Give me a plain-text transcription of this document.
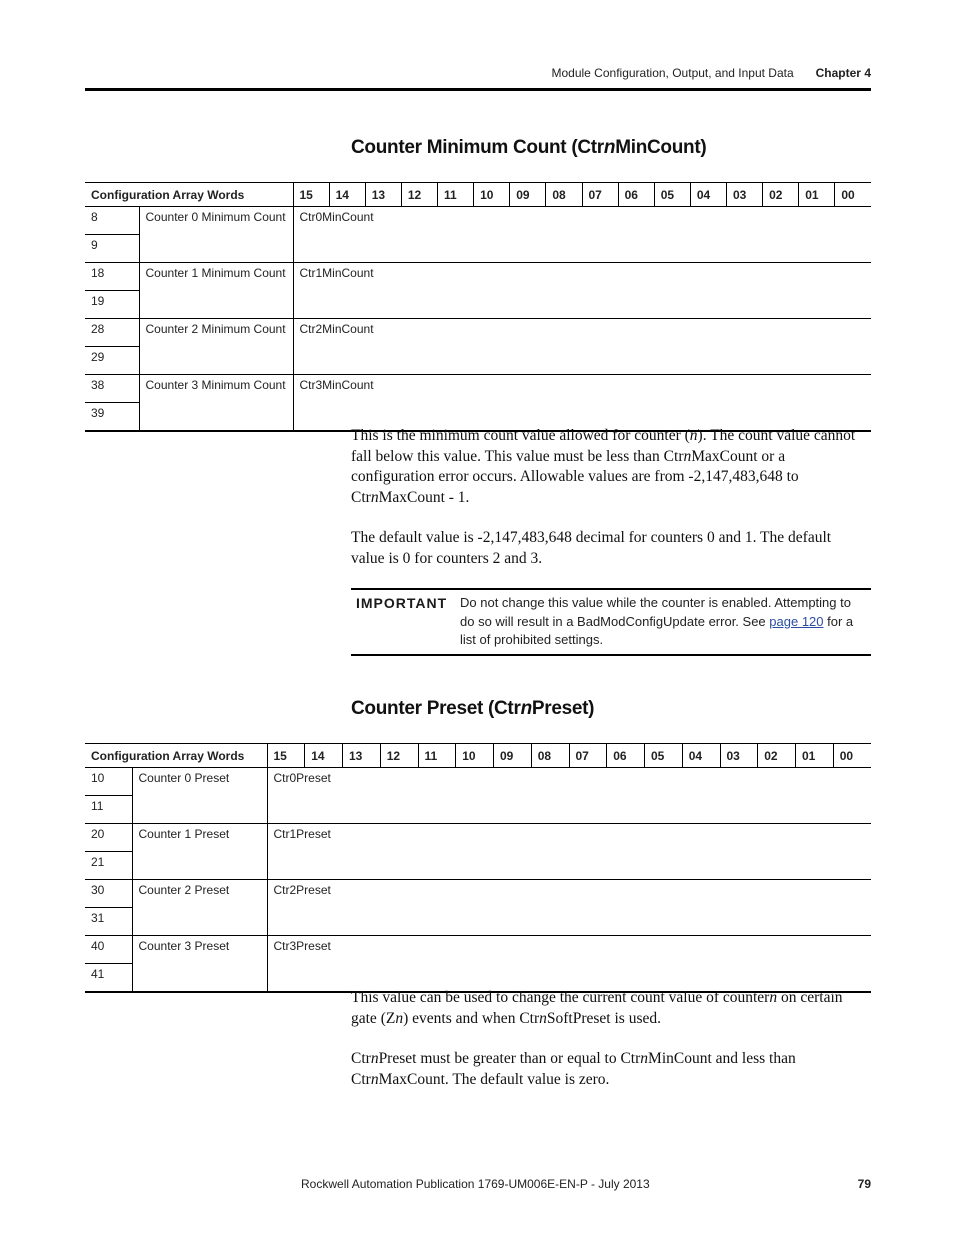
Module Configuration, Output, and Input Data Chapter 4
Counter Minimum Count (CtrnMinCount)
Configuration Array Words		15	14	13	12	11	10	09	08	07	06	05	04	03	02	01	00
8	Counter 0 Minimum Count	Ctr0MinCount															
9																	
18	Counter 1 Minimum Count	Ctr1MinCount															
19																	
28	Counter 2 Minimum Count	Ctr2MinCount															
29																	
38	Counter 3 Minimum Count	Ctr3MinCount															
39																	

This is the minimum count value allowed for counter (n). The count value cannot fall below this value. This value must be less than CtrnMaxCount or a configuration error occurs. Allowable values are from -2,147,483,648 to CtrnMaxCount - 1.

The default value is -2,147,483,648 decimal for counters 0 and 1. The default value is 0 for counters 2 and 3.

IMPORTANT Do not change this value while the counter is enabled. Attempting to do so will result in a BadModConfigUpdate error. See page 120 for a list of prohibited settings.
Counter Preset (CtrnPreset)
Configuration Array Words		15	14	13	12	11	10	09	08	07	06	05	04	03	02	01	00
10	Counter 0 Preset	Ctr0Preset															
11																	
20	Counter 1 Preset	Ctr1Preset															
21																	
30	Counter 2 Preset	Ctr2Preset															
31																	
40	Counter 3 Preset	Ctr3Preset															
41																	

This value can be used to change the current count value of countern on certain gate (Zn) events and when CtrnSoftPreset is used.

CtrnPreset must be greater than or equal to CtrnMinCount and less than CtrnMaxCount. The default value is zero.

Rockwell Automation Publication 1769-UM006E-EN-P - July 2013	79
